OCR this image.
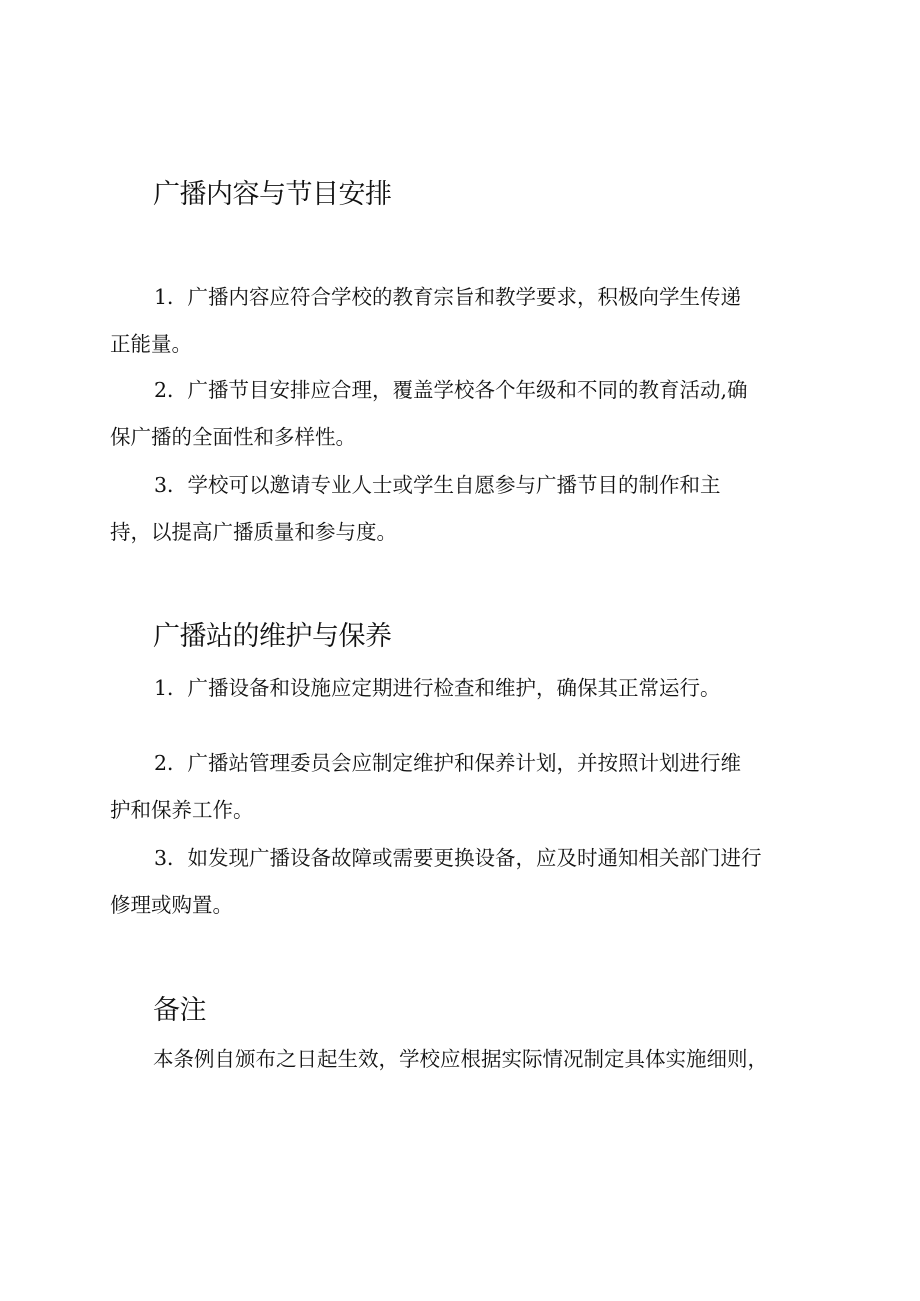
广播内容与节目安排

1．广播内容应符合学校的教育宗旨和教学要求，积极向学生传递
正能量。

2．广播节目安排应合理，覆盖学校各个年级和不同的教育活动,确
保广播的全面性和多样性。

3．学校可以邀请专业人士或学生自愿参与广播节目的制作和主
持，以提高广播质量和参与度。

广播站的维护与保养

1．广播设备和设施应定期进行检查和维护，确保其正常运行。

2．广播站管理委员会应制定维护和保养计划，并按照计划进行维
护和保养工作。

3．如发现广播设备故障或需要更换设备，应及时通知相关部门进行
修理或购置。

备注

本条例自颁布之日起生效，学校应根据实际情况制定具体实施细则，
